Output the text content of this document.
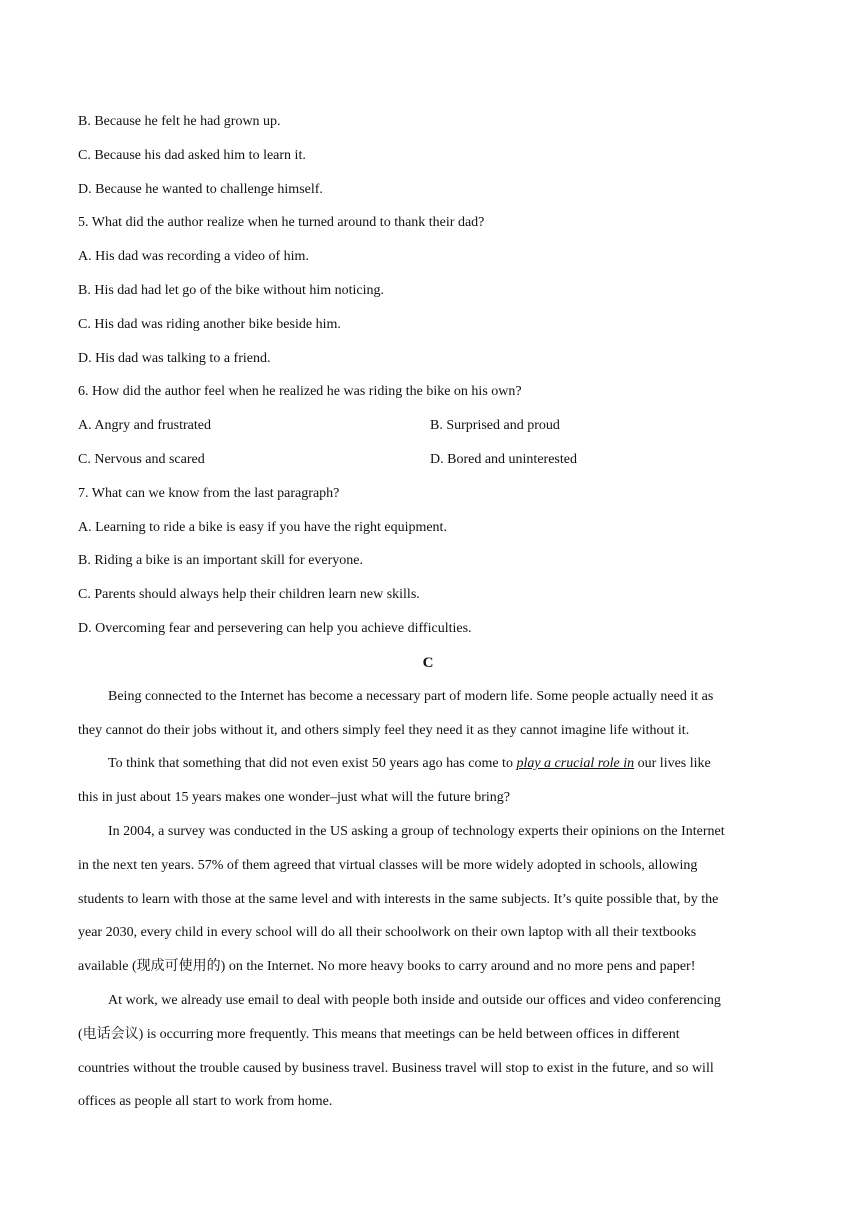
B. Because he felt he had grown up.
C. Because his dad asked him to learn it.
D. Because he wanted to challenge himself.
5. What did the author realize when he turned around to thank their dad?
A. His dad was recording a video of him.
B. His dad had let go of the bike without him noticing.
C. His dad was riding another bike beside him.
D. His dad was talking to a friend.
6. How did the author feel when he realized he was riding the bike on his own?
A. Angry and frustrated	B. Surprised and proud
C. Nervous and scared	D. Bored and uninterested
7. What can we know from the last paragraph?
A. Learning to ride a bike is easy if you have the right equipment.
B. Riding a bike is an important skill for everyone.
C. Parents should always help their children learn new skills.
D. Overcoming fear and persevering can help you achieve difficulties.
C
Being connected to the Internet has become a necessary part of modern life. Some people actually need it as
they cannot do their jobs without it, and others simply feel they need it as they cannot imagine life without it.
To think that something that did not even exist 50 years ago has come to play a crucial role in our lives like
this in just about 15 years makes one wonder–just what will the future bring?
In 2004, a survey was conducted in the US asking a group of technology experts their opinions on the Internet
in the next ten years. 57% of them agreed that virtual classes will be more widely adopted in schools, allowing
students to learn with those at the same level and with interests in the same subjects. It’s quite possible that, by the
year 2030, every child in every school will do all their schoolwork on their own laptop with all their textbooks
available (现成可使用的) on the Internet. No more heavy books to carry around and no more pens and paper!
At work, we already use email to deal with people both inside and outside our offices and video conferencing
(电话会议) is occurring more frequently. This means that meetings can be held between offices in different
countries without the trouble caused by business travel. Business travel will stop to exist in the future, and so will
offices as people all start to work from home.
